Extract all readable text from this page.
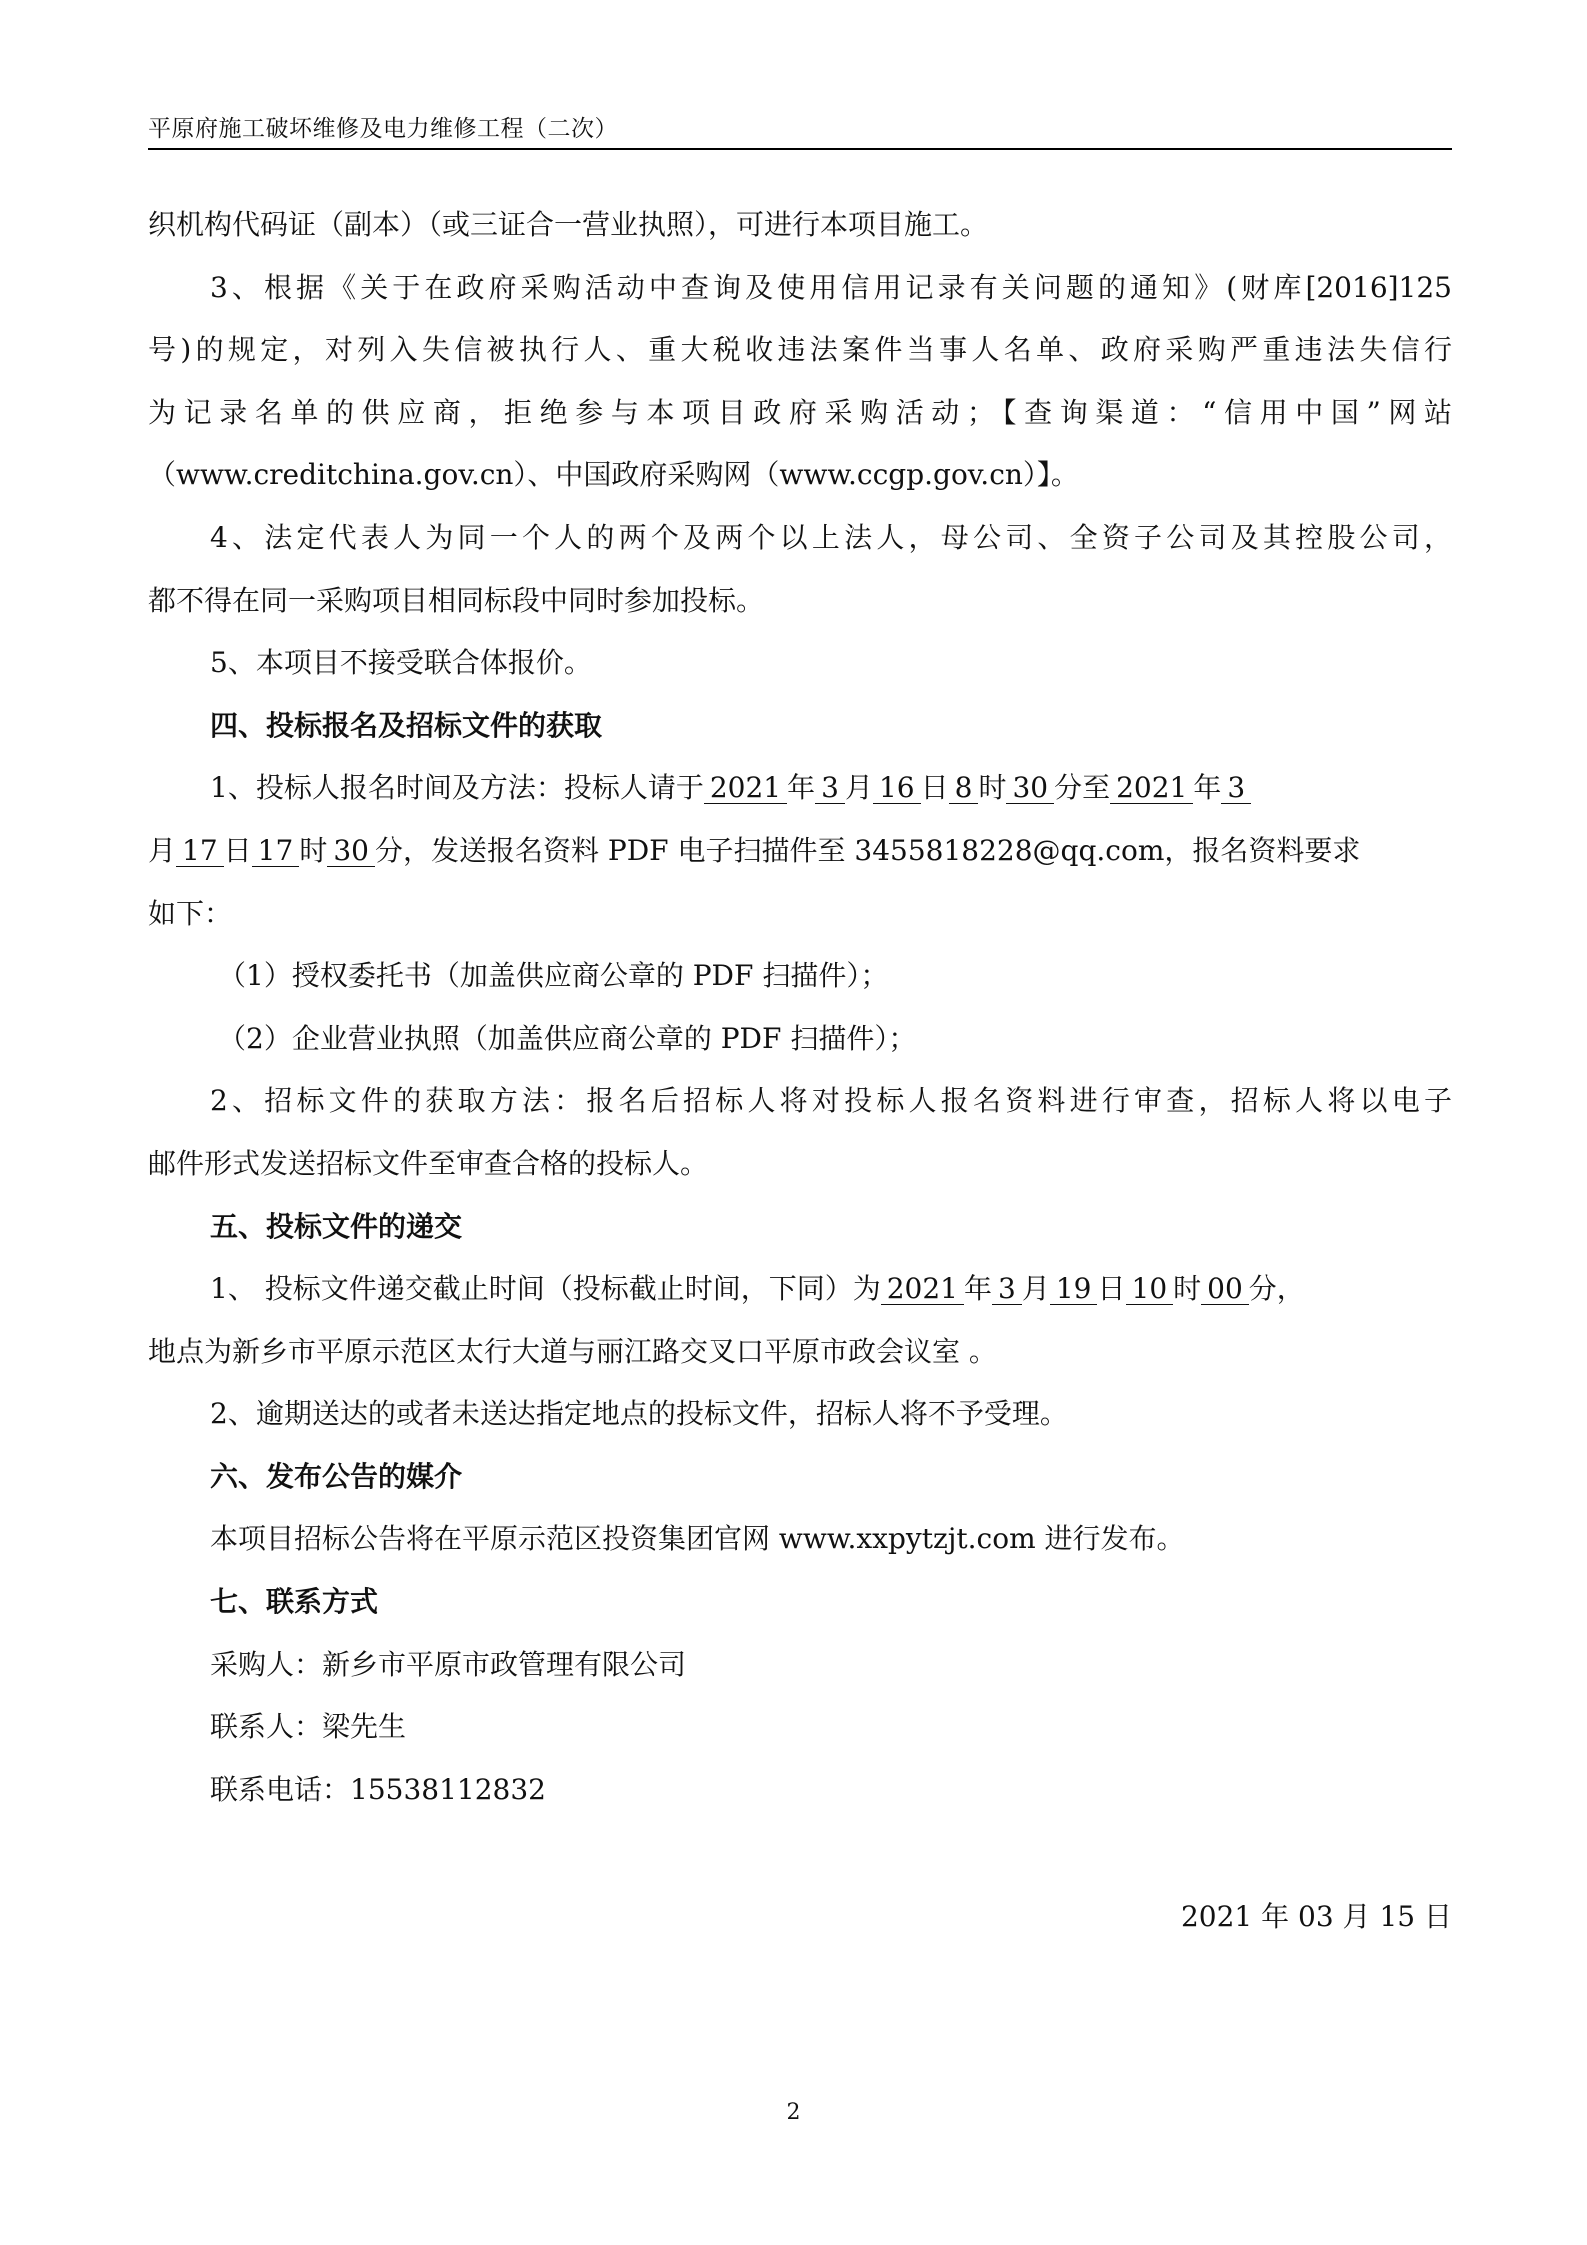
平原府施工破坏维修及电力维修工程（二次）
织机构代码证（副本）（或三证合一营业执照），可进行本项目施工。
3、根据《关于在政府采购活动中查询及使用信用记录有关问题的通知》(财库[2016]125
号)的规定，对列入失信被执行人、重大税收违法案件当事人名单、政府采购严重违法失信行
为记录名单的供应商，拒绝参与本项目政府采购活动；【查询渠道：“信用中国”网站
（www.creditchina.gov.cn）、中国政府采购网（www.ccgp.gov.cn）】。
4、法定代表人为同一个人的两个及两个以上法人，母公司、全资子公司及其控股公司，
都不得在同一采购项目相同标段中同时参加投标。
5、本项目不接受联合体报价。
四、投标报名及招标文件的获取
1、投标人报名时间及方法：投标人请于 2021 年 3 月 16 日 8 时 30 分至 2021 年 3
月 17 日 17 时 30 分，发送报名资料 PDF 电子扫描件至 3455818228@qq.com，报名资料要求
如下：
（1）授权委托书（加盖供应商公章的 PDF 扫描件）；
（2）企业营业执照（加盖供应商公章的 PDF 扫描件）；
2、招标文件的获取方法：报名后招标人将对投标人报名资料进行审查，招标人将以电子
邮件形式发送招标文件至审查合格的投标人。
五、投标文件的递交
1、 投标文件递交截止时间（投标截止时间，下同）为 2021 年 3 月 19 日 10 时 00 分，
地点为新乡市平原示范区太行大道与丽江路交叉口平原市政会议室 。
2、逾期送达的或者未送达指定地点的投标文件，招标人将不予受理。
六、发布公告的媒介
本项目招标公告将在平原示范区投资集团官网 www.xxpytzjt.com 进行发布。
七、联系方式
采购人：新乡市平原市政管理有限公司
联系人：梁先生
联系电话：15538112832
2021 年 03 月 15 日
2
